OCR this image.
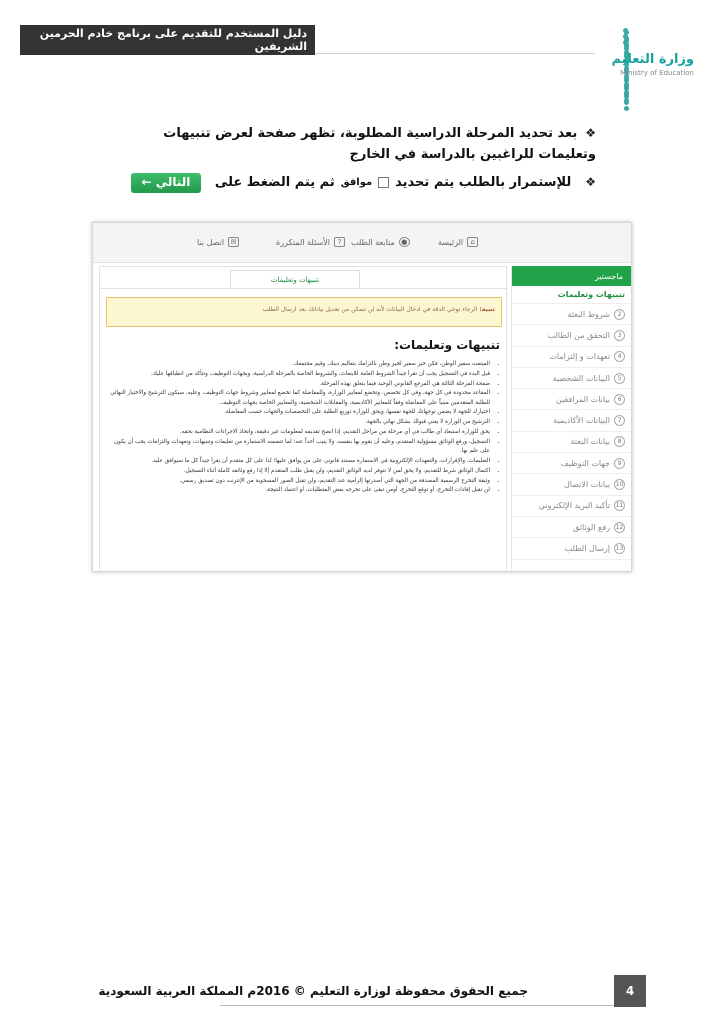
دليل المستخدم للتقديم على برنامج خادم الحرمين الشريفين
وزارة التعليم
Ministry of Education
❖بعد تحديد المرحلة الدراسية المطلوبة، تظهر صفحة لعرض تنبيهات وتعليمات للراغبين بالدراسة في الخارج
❖
للإستمرار بالطلب يتم تحديد
موافق
ثم يتم الضغط على
التالي ←
⌂
الرئيسة
●
متابعة الطلب
?
الأسئلة المتكررة
✉
اتصل بنا
ماجستير
تنبيهات وتعليمات
2
شروط البعثة
3
التحقق من الطالب
4
تعهدات و إلتزامات
5
البيانات الشخصية
6
بيانات المرافقين
7
البيانات الأكاديمية
8
بيانات البعثة
9
جهات التوظيف
10
بيانات الاتصال
11
تأكيد البريد الإلكتروني
12
رفع الوثائق
13
إرسال الطلب
تنبيهات وتعليمات
تنبيه: الرجاء توخي الدقة في ادخال البيانات لأنه لن تتمكن من تعديل بياناتك بعد ارسال الطلب
تنبيهات وتعليمات:
• المبتعث سفير الوطن، فكن خير سفير لخير وطن بالتزامك بتعاليم دينك، وقيم مجتمعك.
• قبل البدء في التسجيل يجب أن تقرأ جيداً الشروط العامة للابتعاث، والشروط الخاصة بالمرحلة الدراسية، وبجهات التوظيف، وتتأكد من انطباقها عليك.
• صفحة المرحلة الثالثة هي المرجع القانوني الوحيد فيما يتعلق بهذه المرحلة.
• المقاعد محدودة في كل جهة، وفي كل تخصص، وتخضع لمعايير الوزارة، وللمفاضلة كما تخضع لمعايير وشروط جهات التوظيف، وعليه، سيكون الترشيح والاختيار النهائي للطلبة المتقدمين مبنياً على المفاضلة وفقاً للمعايير الأكاديمية، والمقابلات الشخصية، والمعايير الخاصة بجهات التوظيف.
• اختيارك للجهة لا يضمن توجهاتك للجهة نفسها، ويحق للوزارة توزيع الطلبة على التخصصات والجهات حسب المفاضلة.
• الترشيح من الوزارة لا يعني قبولك بشكل نهائي بالجهة.
• يحق للوزارة استبعاد أي طالب في أي مرحلة من مراحل التقديم، إذا اتضح تقديمه لمعلومات غير دقيقة، واتخاذ الاجراءات النظامية بحقه.
• التسجيل، ورفع الوثائق مسؤولية المتقدم، وعليه أن يقوم بها بنفسه، ولا ينيب أحداً عنه؛ لما تتضمنه الاستمارة من تعليمات وتنبيهات، وتعهدات والتزامات يجب أن يكون على علم بها.
• التعليمات، والإقرارات، والتعهدات الإلكترونية في الاستمارة مستند قانوني على من يوافق عليها؛ لذا على كل متقدم أن يقرأ جيداً كل ما سيوافق عليه.
• اكتمال الوثائق شرط للتقديم، ولا يحق لمن لا تتوفر لديه الوثائق التقديم، ولن يقبل طلب المتقدم إلا إذا رفع وثائقه كاملة أثناء التسجيل.
• وثيقة التخرج الرسمية المصدقة من الجهة التي أصدرتها إلزامية عند التقديم، ولن تقبل الصور المسحوبة من الإنترنت دون تصديق رسمي.
• لن تقبل إفادات التخرج، أو توقع التخرج، أومن تبقى على تخرجه بعض المتطلبات، أو اعتماد النتيجة.
جميع الحقوق محفوظة لوزارة التعليم © 2016م المملكة العربية السعودية	4
